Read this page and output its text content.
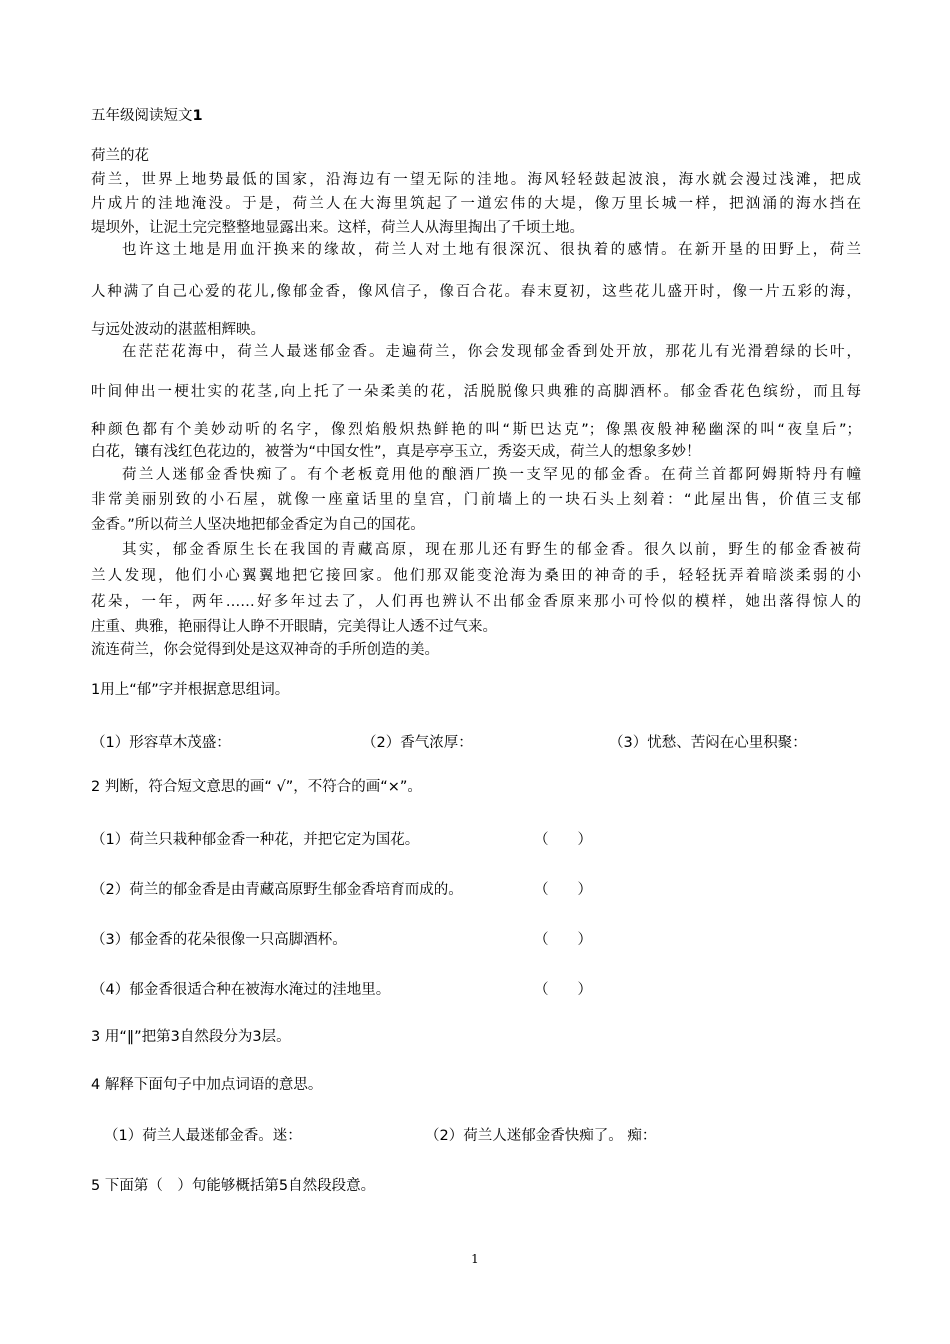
五年级阅读短文1
荷兰的花
荷兰，世界上地势最低的国家，沿海边有一望无际的洼地。海风轻轻鼓起波浪，海水就会漫过浅滩，把成
片成片的洼地淹没。于是，荷兰人在大海里筑起了一道宏伟的大堤，像万里长城一样，把汹涌的海水挡在
堤坝外，让泥土完完整整地显露出来。这样，荷兰人从海里掏出了千顷土地。
也许这土地是用血汗换来的缘故，荷兰人对土地有很深沉、很执着的感情。在新开垦的田野上，荷兰
人种满了自己心爱的花儿,像郁金香，像风信子，像百合花。春末夏初，这些花儿盛开时，像一片五彩的海，
与远处波动的湛蓝相辉映。
在茫茫花海中，荷兰人最迷郁金香。走遍荷兰，你会发现郁金香到处开放，那花儿有光滑碧绿的长叶，
叶间伸出一梗壮实的花茎,向上托了一朵柔美的花，活脱脱像只典雅的高脚酒杯。郁金香花色缤纷，而且每
种颜色都有个美妙动听的名字，像烈焰般炽热鲜艳的叫“斯巴达克”；像黑夜般神秘幽深的叫“夜皇后”；
白花，镶有浅红色花边的，被誉为“中国女性”，真是亭亭玉立，秀姿天成，荷兰人的想象多妙！
荷兰人迷郁金香快痴了。有个老板竟用他的酿酒厂换一支罕见的郁金香。在荷兰首都阿姆斯特丹有幢
非常美丽别致的小石屋，就像一座童话里的皇宫，门前墙上的一块石头上刻着：“此屋出售，价值三支郁
金香。”所以荷兰人坚决地把郁金香定为自己的国花。
其实，郁金香原生长在我国的青藏高原，现在那儿还有野生的郁金香。很久以前，野生的郁金香被荷
兰人发现，他们小心翼翼地把它接回家。他们那双能变沧海为桑田的神奇的手，轻轻抚弄着暗淡柔弱的小
花朵，一年，两年……好多年过去了，人们再也辨认不出郁金香原来那小可怜似的模样，她出落得惊人的
庄重、典雅，艳丽得让人睁不开眼睛，完美得让人透不过气来。
流连荷兰，你会觉得到处是这双神奇的手所创造的美。
1用上“郁”字并根据意思组词。
（1）形容草木茂盛：	（2）香气浓厚：	（3）忧愁、苦闷在心里积聚：
2 判断，符合短文意思的画“ √”，不符合的画“×”。
（1）荷兰只栽种郁金香一种花，并把它定为国花。	（　　）
（2）荷兰的郁金香是由青藏高原野生郁金香培育而成的。	（　　）
（3）郁金香的花朵很像一只高脚酒杯。	（　　）
（4）郁金香很适合种在被海水淹过的洼地里。	（　　）
3 用“‖”把第3自然段分为3层。
4 解释下面句子中加点词语的意思。
（1）荷兰人最迷郁金香。迷：	（2）荷兰人迷郁金香快痴了。 痴：
5 下面第（　）句能够概括第5自然段段意。
1
